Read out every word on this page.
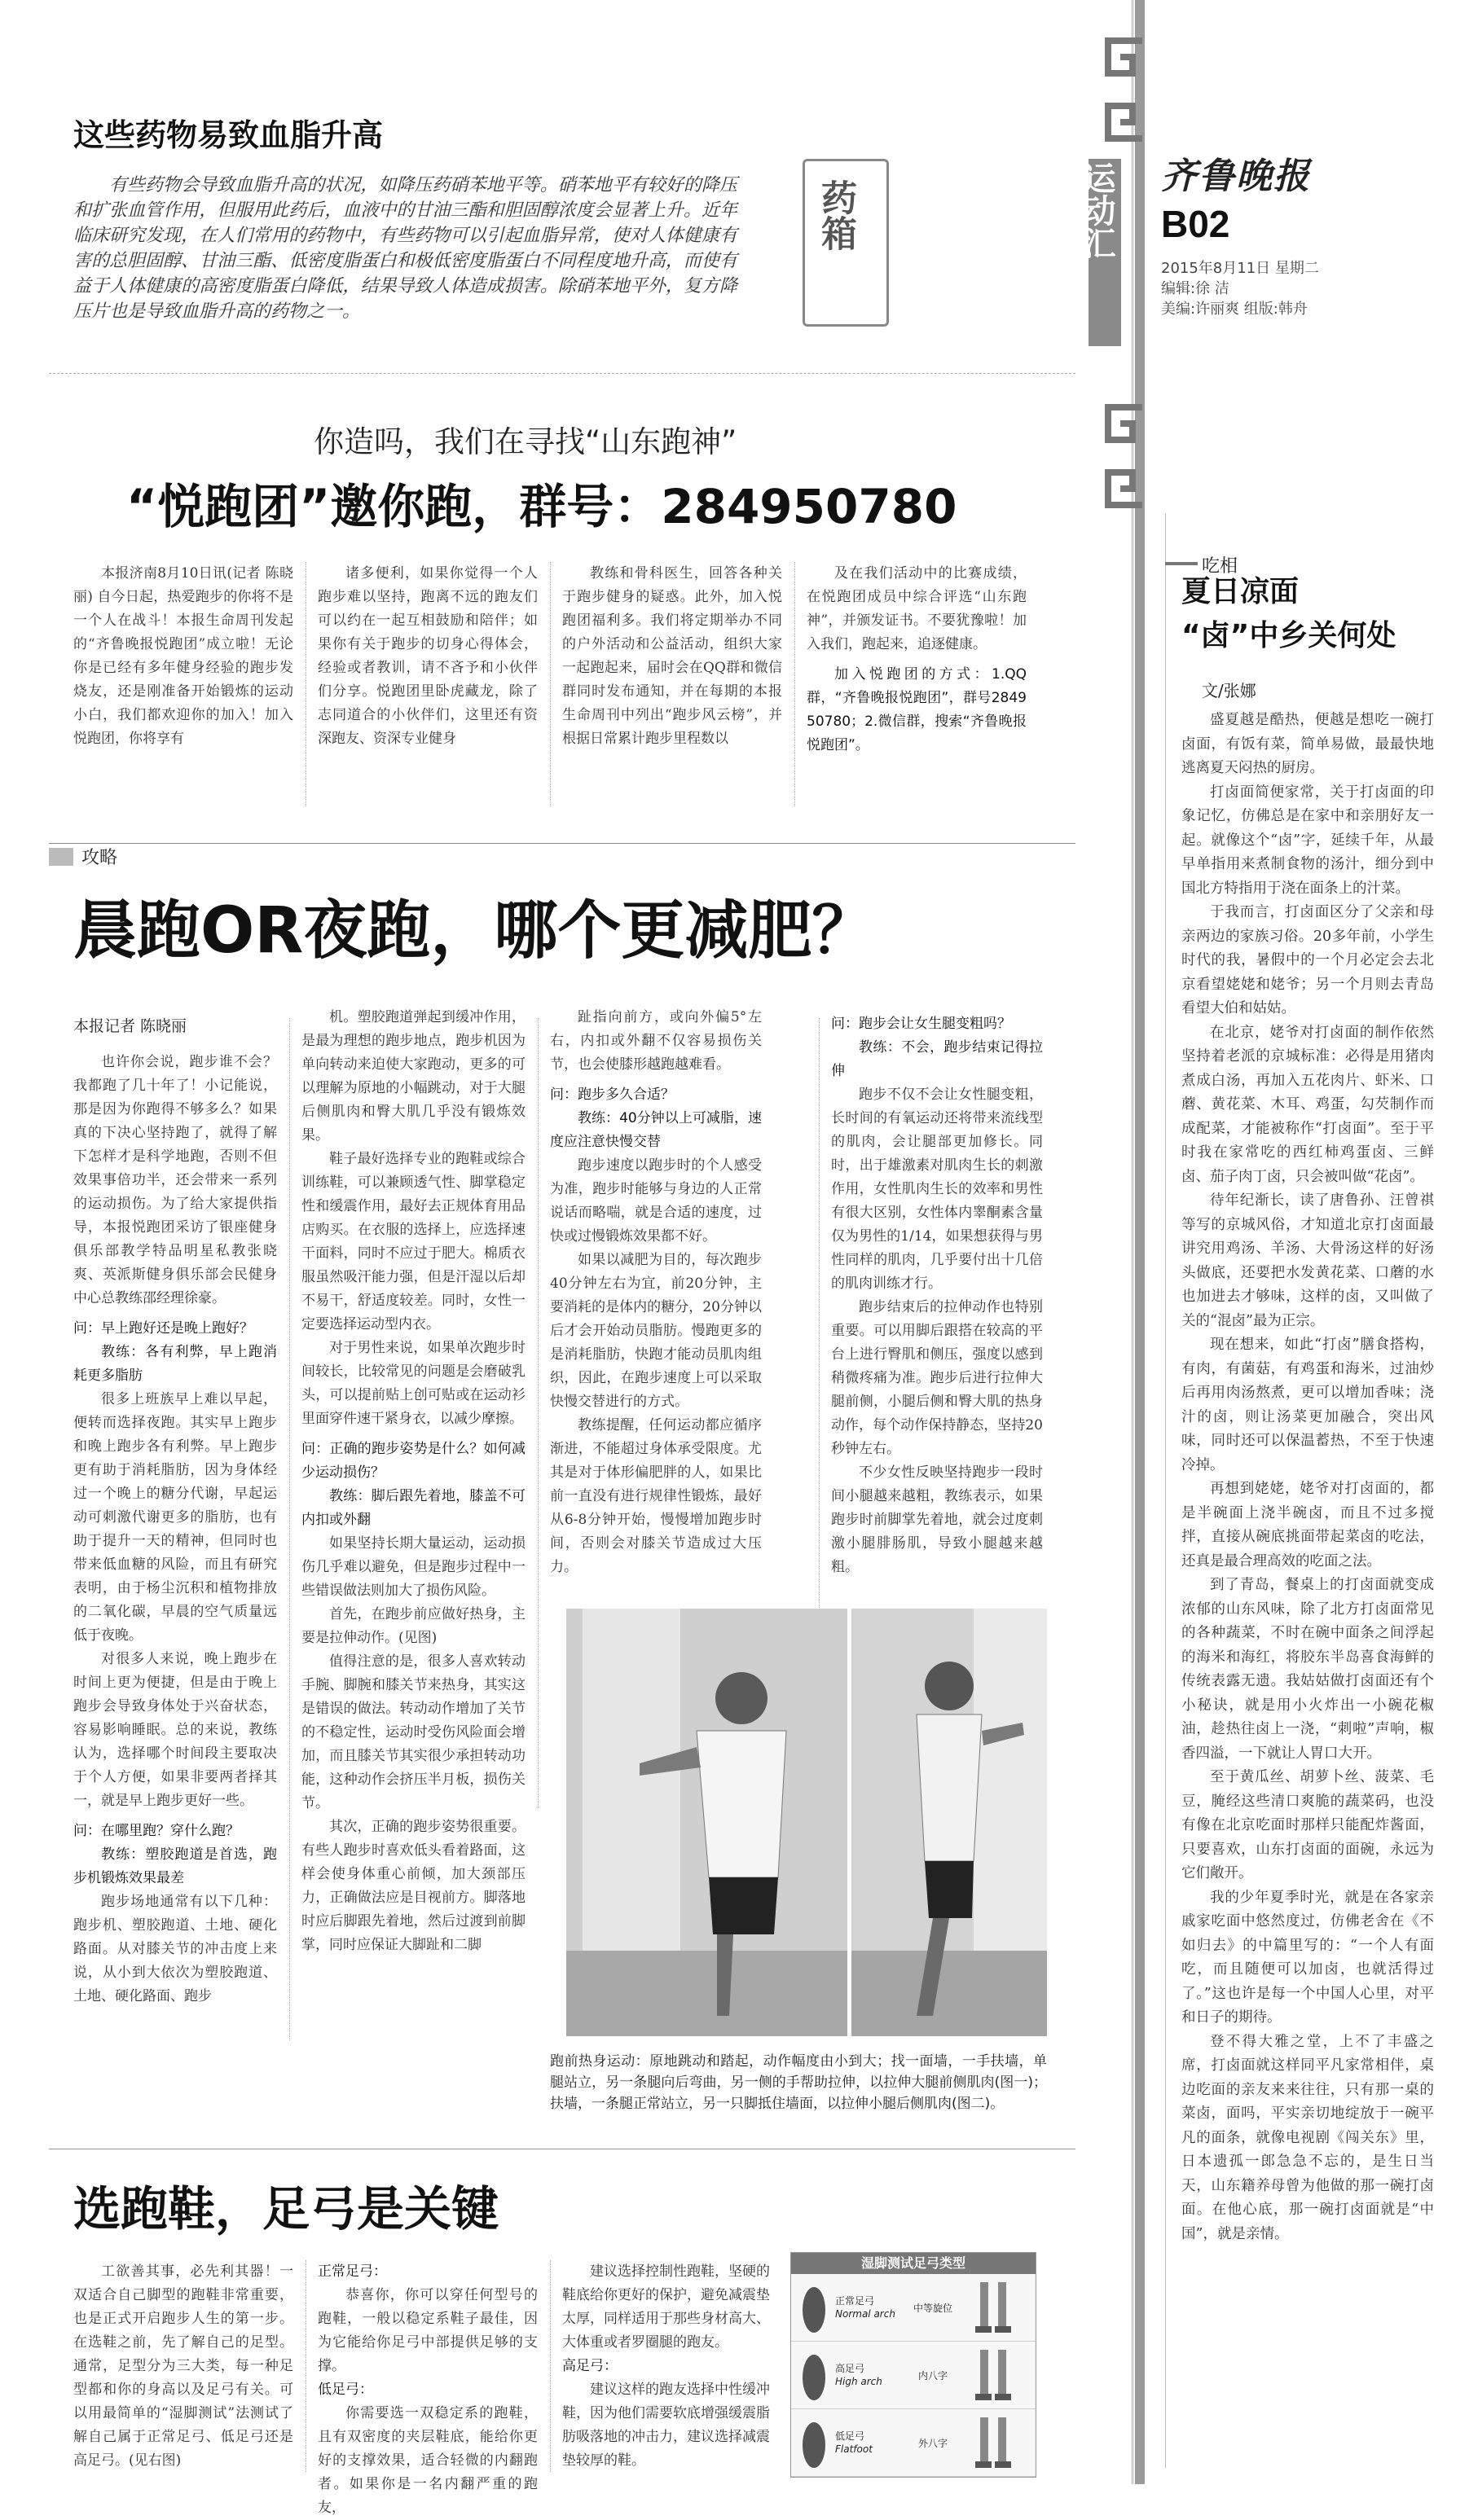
运动汇 齐鲁晚报
B02
2015年8月11日 星期二
编辑:徐 洁
美编:许丽爽 组版:韩舟
这些药物易致血脂升高
有些药物会导致血脂升高的状况，如降压药硝苯地平等。硝苯地平有较好的降压和扩张血管作用，但服用此药后，血液中的甘油三酯和胆固醇浓度会显著上升。近年临床研究发现，在人们常用的药物中，有些药物可以引起血脂异常，使对人体健康有害的总胆固醇、甘油三酯、低密度脂蛋白和极低密度脂蛋白不同程度地升高，而使有益于人体健康的高密度脂蛋白降低，结果导致人体造成损害。除硝苯地平外，复方降压片也是导致血脂升高的药物之一。
药箱
你造吗，我们在寻找“山东跑神”
“悦跑团”邀你跑，群号：284950780

本报济南8月10日讯(记者 陈晓丽) 自今日起，热爱跑步的你将不是一个人在战斗！本报生命周刊发起的“齐鲁晚报悦跑团”成立啦！无论你是已经有多年健身经验的跑步发烧友，还是刚准备开始锻炼的运动小白，我们都欢迎你的加入！加入悦跑团，你将享有

诸多便利，如果你觉得一个人跑步难以坚持，跑离不远的跑友们可以约在一起互相鼓励和陪伴；如果你有关于跑步的切身心得体会，经验或者教训，请不吝予和小伙伴们分享。悦跑团里卧虎藏龙，除了志同道合的小伙伴们，这里还有资深跑友、资深专业健身

教练和骨科医生，回答各种关于跑步健身的疑惑。此外，加入悦跑团福利多。我们将定期举办不同的户外活动和公益活动，组织大家一起跑起来，届时会在QQ群和微信群同时发布通知，并在每期的本报生命周刊中列出“跑步风云榜”，并根据日常累计跑步里程数以

及在我们活动中的比赛成绩，在悦跑团成员中综合评选“山东跑神”，并颁发证书。不要犹豫啦！加入我们，跑起来，追逐健康。

加入悦跑团的方式：1.QQ群，“齐鲁晚报悦跑团”，群号284950780；2.微信群，搜索“齐鲁晚报悦跑团”。

攻略
晨跑OR夜跑，哪个更减肥？
本报记者 陈晓丽

也许你会说，跑步谁不会？我都跑了几十年了！小记能说，那是因为你跑得不够多么？如果真的下决心坚持跑了，就得了解下怎样才是科学地跑，否则不但效果事倍功半，还会带来一系列的运动损伤。为了给大家提供指导，本报悦跑团采访了银座健身俱乐部教学特品明星私教张晓爽、英派斯健身俱乐部会民健身中心总教练邵经理徐豪。

问：早上跑好还是晚上跑好？

教练：各有利弊，早上跑消耗更多脂肪

很多上班族早上难以早起，便转而选择夜跑。其实早上跑步和晚上跑步各有利弊。早上跑步更有助于消耗脂肪，因为身体经过一个晚上的糖分代谢，早起运动可刺激代谢更多的脂肪，也有助于提升一天的精神，但同时也带来低血糖的风险，而且有研究表明，由于杨尘沉积和植物排放的二氧化碳，早晨的空气质量远低于夜晚。

对很多人来说，晚上跑步在时间上更为便捷，但是由于晚上跑步会导致身体处于兴奋状态，容易影响睡眠。总的来说，教练认为，选择哪个时间段主要取决于个人方便，如果非要两者择其一，就是早上跑步更好一些。

问：在哪里跑？穿什么跑？

教练：塑胶跑道是首选，跑步机锻炼效果最差

跑步场地通常有以下几种：跑步机、塑胶跑道、土地、硬化路面。从对膝关节的冲击度上来说，从小到大依次为塑胶跑道、土地、硬化路面、跑步

机。塑胶跑道弹起到缓冲作用，是最为理想的跑步地点，跑步机因为单向转动来迫使大家跑动，更多的可以理解为原地的小幅跳动，对于大腿后侧肌肉和臀大肌几乎没有锻炼效果。

鞋子最好选择专业的跑鞋或综合训练鞋，可以兼顾透气性、脚掌稳定性和缓震作用，最好去正规体育用品店购买。在衣服的选择上，应选择速干面料，同时不应过于肥大。棉质衣服虽然吸汗能力强，但是汗湿以后却不易干，舒适度较差。同时，女性一定要选择运动型内衣。

对于男性来说，如果单次跑步时间较长，比较常见的问题是会磨破乳头，可以提前贴上创可贴或在运动衫里面穿件速干紧身衣，以减少摩擦。

问：正确的跑步姿势是什么？如何减少运动损伤？

教练：脚后跟先着地，膝盖不可内扣或外翻

如果坚持长期大量运动，运动损伤几乎难以避免，但是跑步过程中一些错误做法则加大了损伤风险。

首先，在跑步前应做好热身，主要是拉伸动作。(见图)

值得注意的是，很多人喜欢转动手腕、脚腕和膝关节来热身，其实这是错误的做法。转动动作增加了关节的不稳定性，运动时受伤风险面会增加，而且膝关节其实很少承担转动功能，这种动作会挤压半月板，损伤关节。

其次，正确的跑步姿势很重要。有些人跑步时喜欢低头看着路面，这样会使身体重心前倾，加大颈部压力，正确做法应是目视前方。脚落地时应后脚跟先着地，然后过渡到前脚掌，同时应保证大脚趾和二脚

趾指向前方，或向外偏5°左右，内扣或外翻不仅容易损伤关节，也会使膝形越跑越难看。

问：跑步多久合适？

教练：40分钟以上可减脂，速度应注意快慢交替

跑步速度以跑步时的个人感受为准，跑步时能够与身边的人正常说话而略喘，就是合适的速度，过快或过慢锻炼效果都不好。

如果以减肥为目的，每次跑步40分钟左右为宜，前20分钟，主要消耗的是体内的糖分，20分钟以后才会开始动员脂肪。慢跑更多的是消耗脂肪，快跑才能动员肌肉组织，因此，在跑步速度上可以采取快慢交替进行的方式。

教练提醒，任何运动都应循序渐进，不能超过身体承受限度。尤其是对于体形偏肥胖的人，如果比前一直没有进行规律性锻炼，最好从6-8分钟开始，慢慢增加跑步时间，否则会对膝关节造成过大压力。

问：跑步会让女生腿变粗吗？

教练：不会，跑步结束记得拉伸

跑步不仅不会让女性腿变粗，长时间的有氧运动还将带来流线型的肌肉，会让腿部更加修长。同时，出于雄激素对肌肉生长的刺激作用，女性肌肉生长的效率和男性有很大区别，女性体内睾酮素含量仅为男性的1/14，如果想获得与男性同样的肌肉，几乎要付出十几倍的肌肉训练才行。

跑步结束后的拉伸动作也特别重要。可以用脚后跟搭在较高的平台上进行臀肌和侧压，强度以感到稍微疼痛为准。跑步后进行拉伸大腿前侧，小腿后侧和臀大肌的热身动作，每个动作保持静态，坚持20秒钟左右。

不少女性反映坚持跑步一段时间小腿越来越粗，教练表示，如果跑步时前脚掌先着地，就会过度刺激小腿腓肠肌，导致小腿越来越粗。

跑前热身运动：原地跳动和踏起，动作幅度由小到大；找一面墙，一手扶墙，单腿站立，另一条腿向后弯曲，另一侧的手帮助拉伸，以拉伸大腿前侧肌肉(图一)；扶墙，一条腿正常站立，另一只脚抵住墙面，以拉伸小腿后侧肌肉(图二)。
选跑鞋，足弓是关键

工欲善其事，必先利其器！一双适合自己脚型的跑鞋非常重要，也是正式开启跑步人生的第一步。在选鞋之前，先了解自己的足型。通常，足型分为三大类，每一种足型都和你的身高以及足弓有关。可以用最简单的“湿脚测试”法测试了解自己属于正常足弓、低足弓还是高足弓。(见右图)

正常足弓：

恭喜你，你可以穿任何型号的跑鞋，一般以稳定系鞋子最佳，因为它能给你足弓中部提供足够的支撑。

低足弓：

你需要选一双稳定系的跑鞋，且有双密度的夹层鞋底，能给你更好的支撑效果，适合轻微的内翻跑者。如果你是一名内翻严重的跑友，

建议选择控制性跑鞋，坚硬的鞋底给你更好的保护，避免减震垫太厚，同样适用于那些身材高大、大体重或者罗圈腿的跑友。

高足弓：

建议这样的跑友选择中性缓冲鞋，因为他们需要软底增强缓震脂肪吸落地的冲击力，建议选择减震垫较厚的鞋。

湿脚测试足弓类型
正常足弓
Normal arch
中等旋位
高足弓
High arch
内八字
低足弓
Flatfoot
外八字
吃相
夏日凉面
“卤”中乡关何处
文/张娜

盛夏越是酷热，便越是想吃一碗打卤面，有饭有菜，简单易做，最最快地逃离夏天闷热的厨房。

打卤面简便家常，关于打卤面的印象记忆，仿佛总是在家中和亲朋好友一起。就像这个“卤”字，延续千年，从最早单指用来煮制食物的汤汁，细分到中国北方特指用于浇在面条上的汁菜。

于我而言，打卤面区分了父亲和母亲两边的家族习俗。20多年前，小学生时代的我，暑假中的一个月必定会去北京看望姥姥和姥爷；另一个月则去青岛看望大伯和姑姑。

在北京，姥爷对打卤面的制作依然坚持着老派的京城标准：必得是用猪肉煮成白汤，再加入五花肉片、虾米、口蘑、黄花菜、木耳、鸡蛋，勾芡制作而成配菜，才能被称作“打卤面”。至于平时我在家常吃的西红柿鸡蛋卤、三鲜卤、茄子肉丁卤，只会被叫做“花卤”。

待年纪渐长，读了唐鲁孙、汪曾祺等写的京城风俗，才知道北京打卤面最讲究用鸡汤、羊汤、大骨汤这样的好汤头做底，还要把水发黄花菜、口蘑的水也加进去才够味，这样的卤，又叫做了关的“混卤”最为正宗。

现在想来，如此“打卤”膳食搭构，有肉，有菌菇，有鸡蛋和海米，过油炒后再用肉汤熬煮，更可以增加香味；浇汁的卤，则让汤菜更加融合，突出风味，同时还可以保温蓄热，不至于快速冷掉。

再想到姥姥，姥爷对打卤面的，都是半碗面上浇半碗卤，而且不过多搅拌，直接从碗底挑面带起菜卤的吃法，还真是最合理高效的吃面之法。

到了青岛，餐桌上的打卤面就变成浓郁的山东风味，除了北方打卤面常见的各种蔬菜，不时在碗中面条之间浮起的海米和海红，将胶东半岛喜食海鲜的传统表露无遗。我姑姑做打卤面还有个小秘诀，就是用小火炸出一小碗花椒油，趁热往卤上一浇，“刺啦”声响，椒香四溢，一下就让人胃口大开。

至于黄瓜丝、胡萝卜丝、菠菜、毛豆，腌经这些清口爽脆的蔬菜码，也没有像在北京吃面时那样只能配炸酱面，只要喜欢，山东打卤面的面碗，永远为它们敞开。

我的少年夏季时光，就是在各家亲戚家吃面中悠然度过，仿佛老舍在《不如归去》的中篇里写的：“一个人有面吃，而且随便可以加卤，也就活得过了。”这也许是每一个中国人心里，对平和日子的期待。

登不得大雅之堂，上不了丰盛之席，打卤面就这样同平凡家常相伴，桌边吃面的亲友来来往往，只有那一桌的菜卤，面吗，平实亲切地绽放于一碗平凡的面条，就像电视剧《闯关东》里，日本遗孤一郎急急不忘的，是生日当天，山东籍养母曾为他做的那一碗打卤面。在他心底，那一碗打卤面就是“中国”，就是亲情。
